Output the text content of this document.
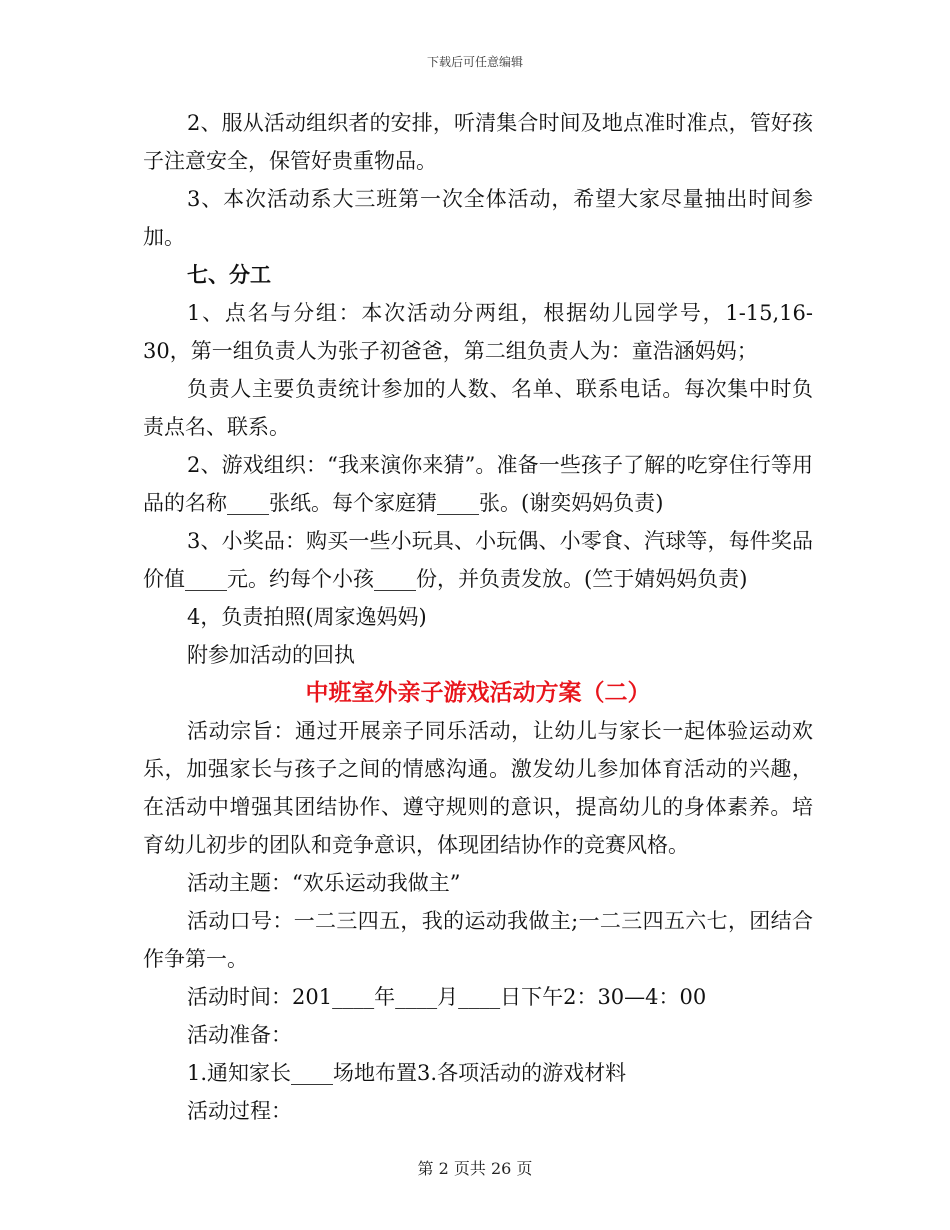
下载后可任意编辑

2、服从活动组织者的安排，听清集合时间及地点准时准点，管好孩子注意安全，保管好贵重物品。

3、本次活动系大三班第一次全体活动，希望大家尽量抽出时间参加。

七、分工

1、点名与分组：本次活动分两组，根据幼儿园学号，1-15,16-30，第一组负责人为张子初爸爸，第二组负责人为：童浩涵妈妈；

负责人主要负责统计参加的人数、名单、联系电话。每次集中时负责点名、联系。

2、游戏组织：“我来演你来猜”。准备一些孩子了解的吃穿住行等用品的名称____张纸。每个家庭猜____张。(谢奕妈妈负责)

3、小奖品：购买一些小玩具、小玩偶、小零食、汽球等，每件奖品价值____元。约每个小孩____份，并负责发放。(竺于婧妈妈负责)

4，负责拍照(周家逸妈妈)

附参加活动的回执

中班室外亲子游戏活动方案（二）

活动宗旨：通过开展亲子同乐活动，让幼儿与家长一起体验运动欢乐，加强家长与孩子之间的情感沟通。激发幼儿参加体育活动的兴趣，在活动中增强其团结协作、遵守规则的意识，提高幼儿的身体素养。培育幼儿初步的团队和竞争意识，体现团结协作的竞赛风格。

活动主题：“欢乐运动我做主”

活动口号：一二三四五，我的运动我做主;一二三四五六七，团结合作争第一。

活动时间：201____年____月____日下午2：30—4：00

活动准备：

1.通知家长____场地布置3.各项活动的游戏材料

活动过程：

第 2 页共 26 页
